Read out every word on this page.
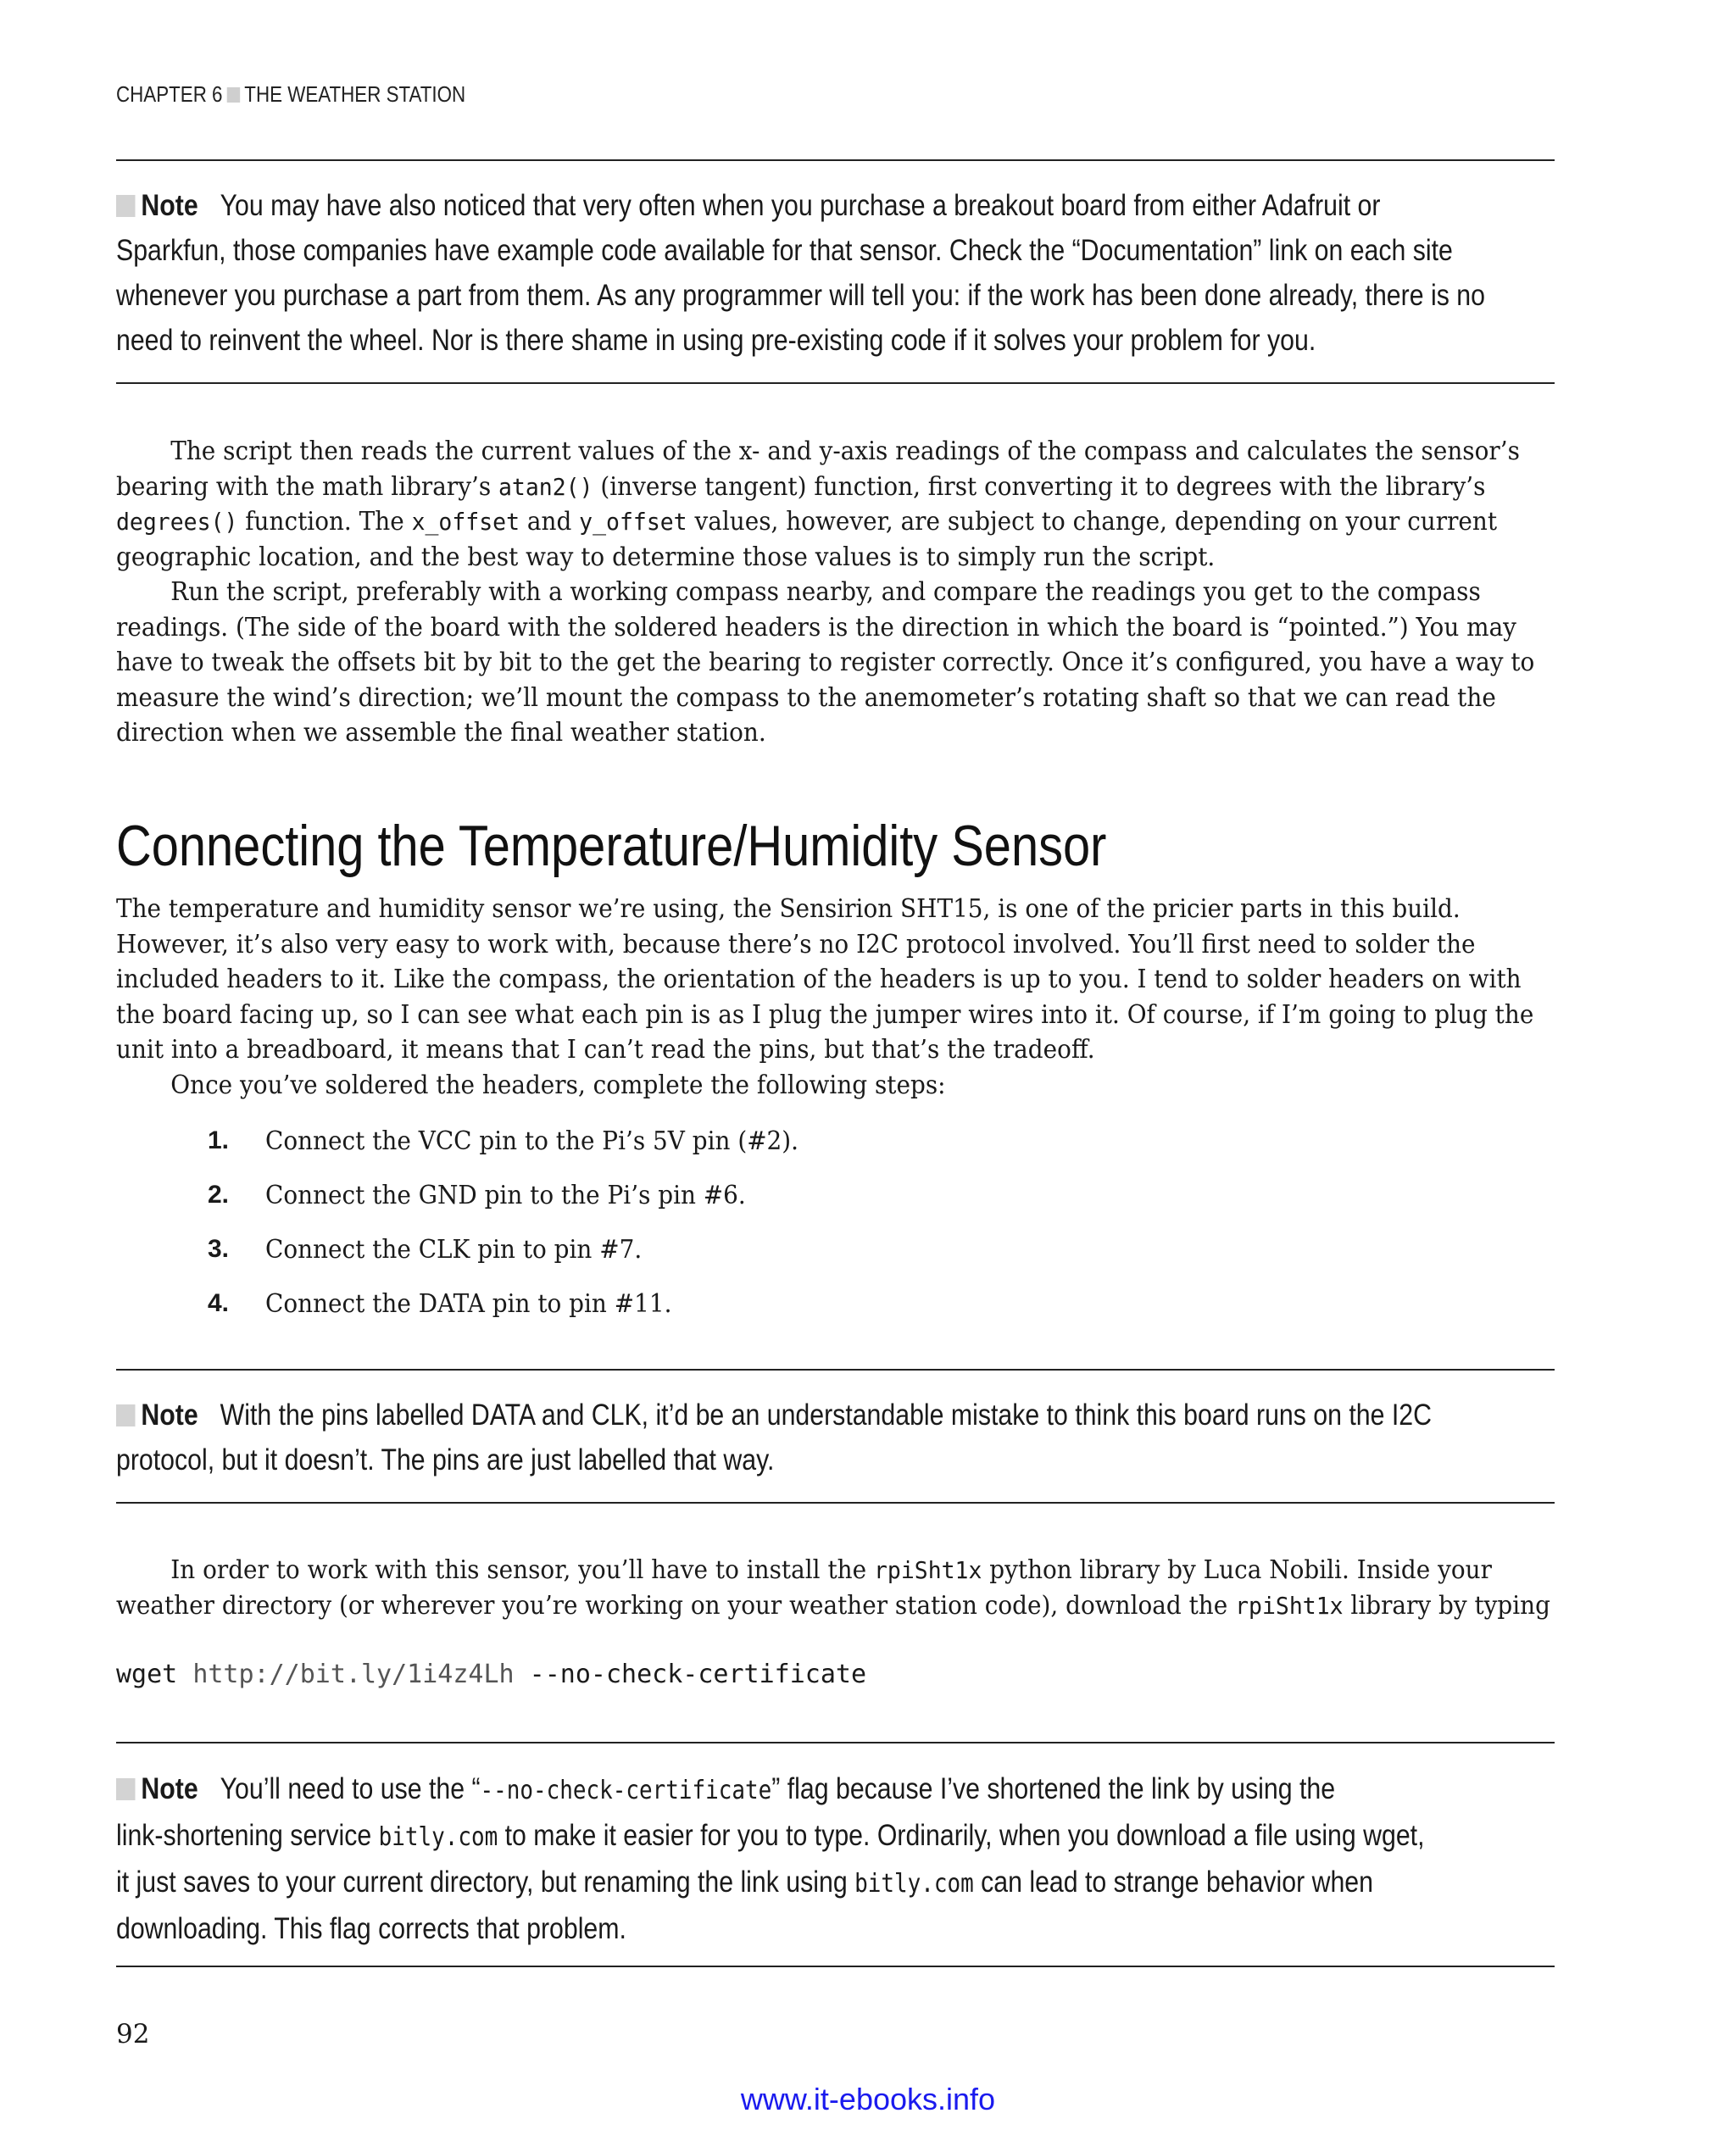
CHAPTER 6 THE WEATHER STATION
Note You may have also noticed that very often when you purchase a breakout board from either Adafruit or
Sparkfun, those companies have example code available for that sensor. Check the “Documentation” link on each site
whenever you purchase a part from them. As any programmer will tell you: if the work has been done already, there is no
need to reinvent the wheel. Nor is there shame in using pre-existing code if it solves your problem for you.
The script then reads the current values of the x- and y-axis readings of the compass and calculates the sensor’s
bearing with the math library’s atan2() (inverse tangent) function, first converting it to degrees with the library’s
degrees() function. The x_offset and y_offset values, however, are subject to change, depending on your current
geographic location, and the best way to determine those values is to simply run the script.
Run the script, preferably with a working compass nearby, and compare the readings you get to the compass
readings. (The side of the board with the soldered headers is the direction in which the board is “pointed.”) You may
have to tweak the offsets bit by bit to the get the bearing to register correctly. Once it’s configured, you have a way to
measure the wind’s direction; we’ll mount the compass to the anemometer’s rotating shaft so that we can read the
direction when we assemble the final weather station.
Connecting the Temperature/Humidity Sensor
The temperature and humidity sensor we’re using, the Sensirion SHT15, is one of the pricier parts in this build.
However, it’s also very easy to work with, because there’s no I2C protocol involved. You’ll first need to solder the
included headers to it. Like the compass, the orientation of the headers is up to you. I tend to solder headers on with
the board facing up, so I can see what each pin is as I plug the jumper wires into it. Of course, if I’m going to plug the
unit into a breadboard, it means that I can’t read the pins, but that’s the tradeoff.
Once you’ve soldered the headers, complete the following steps:
1. Connect the VCC pin to the Pi’s 5V pin (#2).
2. Connect the GND pin to the Pi’s pin #6.
3. Connect the CLK pin to pin #7.
4. Connect the DATA pin to pin #11.
Note With the pins labelled DATA and CLK, it’d be an understandable mistake to think this board runs on the I2C
protocol, but it doesn’t. The pins are just labelled that way.
In order to work with this sensor, you’ll have to install the rpiSht1x python library by Luca Nobili. Inside your
weather directory (or wherever you’re working on your weather station code), download the rpiSht1x library by typing
wget http://bit.ly/1i4z4Lh --no-check-certificate
Note You’ll need to use the “--no-check-certificate” flag because I’ve shortened the link by using the
link-shortening service bitly.com to make it easier for you to type. Ordinarily, when you download a file using wget,
it just saves to your current directory, but renaming the link using bitly.com can lead to strange behavior when
downloading. This flag corrects that problem.
92
www.it-ebooks.info
